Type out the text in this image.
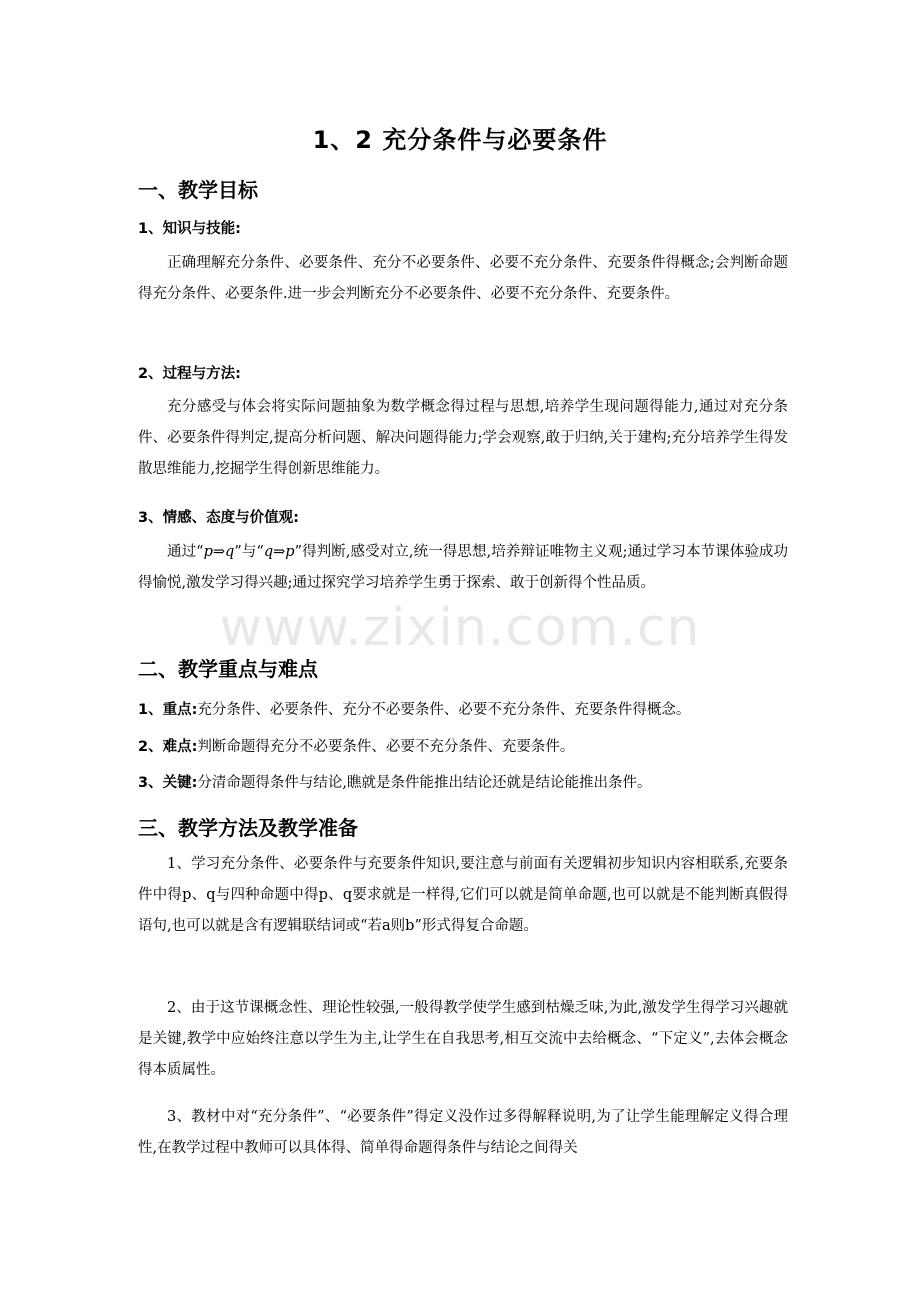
1、2 充分条件与必要条件
一、教学目标
1、知识与技能:

正确理解充分条件、必要条件、充分不必要条件、必要不充分条件、充要条件得概念;会判断命题得充分条件、必要条件.进一步会判断充分不必要条件、必要不充分条件、充要条件。

2、过程与方法:

充分感受与体会将实际问题抽象为数学概念得过程与思想,培养学生现问题得能力,通过对充分条件、必要条件得判定,提高分析问题、解决问题得能力;学会观察,敢于归纳,关于建构;充分培养学生得发散思维能力,挖掘学生得创新思维能力。

3、情感、态度与价值观:

通过“p⇒q”与“q⇒p”得判断,感受对立,统一得思想,培养辩证唯物主义观;通过学习本节课体验成功得愉悦,激发学习得兴趣;通过探究学习培养学生勇于探索、敢于创新得个性品质。

二、教学重点与难点
1、重点:充分条件、必要条件、充分不必要条件、必要不充分条件、充要条件得概念。
2、难点:判断命题得充分不必要条件、必要不充分条件、充要条件。
3、关键:分清命题得条件与结论,瞧就是条件能推出结论还就是结论能推出条件。
三、教学方法及教学准备

1、学习充分条件、必要条件与充要条件知识,要注意与前面有关逻辑初步知识内容相联系,充要条件中得p、q与四种命题中得p、q要求就是一样得,它们可以就是简单命题,也可以就是不能判断真假得语句,也可以就是含有逻辑联结词或“若a则b”形式得复合命题。

2、由于这节课概念性、理论性较强,一般得教学使学生感到枯燥乏味,为此,激发学生得学习兴趣就是关键,教学中应始终注意以学生为主,让学生在自我思考,相互交流中去给概念、“下定义”,去体会概念得本质属性。

3、教材中对“充分条件”、“必要条件”得定义没作过多得解释说明,为了让学生能理解定义得合理性,在教学过程中教师可以具体得、简单得命题得条件与结论之间得关

www.zixin.com.cn
